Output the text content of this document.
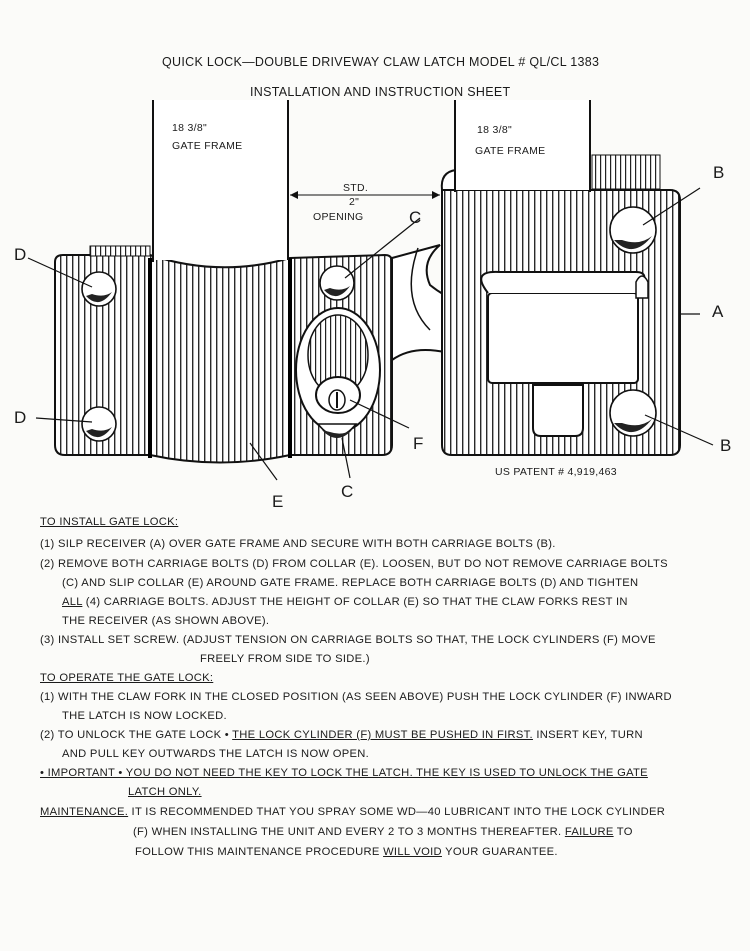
QUICK LOCK—DOUBLE DRIVEWAY CLAW LATCH MODEL # QL/CL 1383
INSTALLATION AND INSTRUCTION SHEET
18 3/8"
GATE FRAME
18 3/8"
GATE FRAME
STD.
2"
OPENING
D
D
C
C
B
B
A
E
F
US PATENT # 4,919,463
TO INSTALL GATE LOCK:
(1) SILP RECEIVER (A) OVER GATE FRAME AND SECURE WITH BOTH CARRIAGE BOLTS (B).
(2) REMOVE BOTH CARRIAGE BOLTS (D) FROM COLLAR (E). LOOSEN, BUT DO NOT REMOVE CARRIAGE BOLTS
(C) AND SLIP COLLAR (E) AROUND GATE FRAME. REPLACE BOTH CARRIAGE BOLTS (D) AND TIGHTEN
ALL (4) CARRIAGE BOLTS. ADJUST THE HEIGHT OF COLLAR (E) SO THAT THE CLAW FORKS REST IN
THE RECEIVER (AS SHOWN ABOVE).
(3) INSTALL SET SCREW. (ADJUST TENSION ON CARRIAGE BOLTS SO THAT, THE LOCK CYLINDERS (F) MOVE
FREELY FROM SIDE TO SIDE.)
TO OPERATE THE GATE LOCK:
(1) WITH THE CLAW FORK IN THE CLOSED POSITION (AS SEEN ABOVE) PUSH THE LOCK CYLINDER (F) INWARD
THE LATCH IS NOW LOCKED.
(2) TO UNLOCK THE GATE LOCK • THE LOCK CYLINDER (F) MUST BE PUSHED IN FIRST. INSERT KEY, TURN
AND PULL KEY OUTWARDS THE LATCH IS NOW OPEN.
• IMPORTANT • YOU DO NOT NEED THE KEY TO LOCK THE LATCH. THE KEY IS USED TO UNLOCK THE GATE
LATCH ONLY.
MAINTENANCE. IT IS RECOMMENDED THAT YOU SPRAY SOME WD—40 LUBRICANT INTO THE LOCK CYLINDER
(F) WHEN INSTALLING THE UNIT AND EVERY 2 TO 3 MONTHS THEREAFTER. FAILURE TO
FOLLOW THIS MAINTENANCE PROCEDURE WILL VOID YOUR GUARANTEE.
